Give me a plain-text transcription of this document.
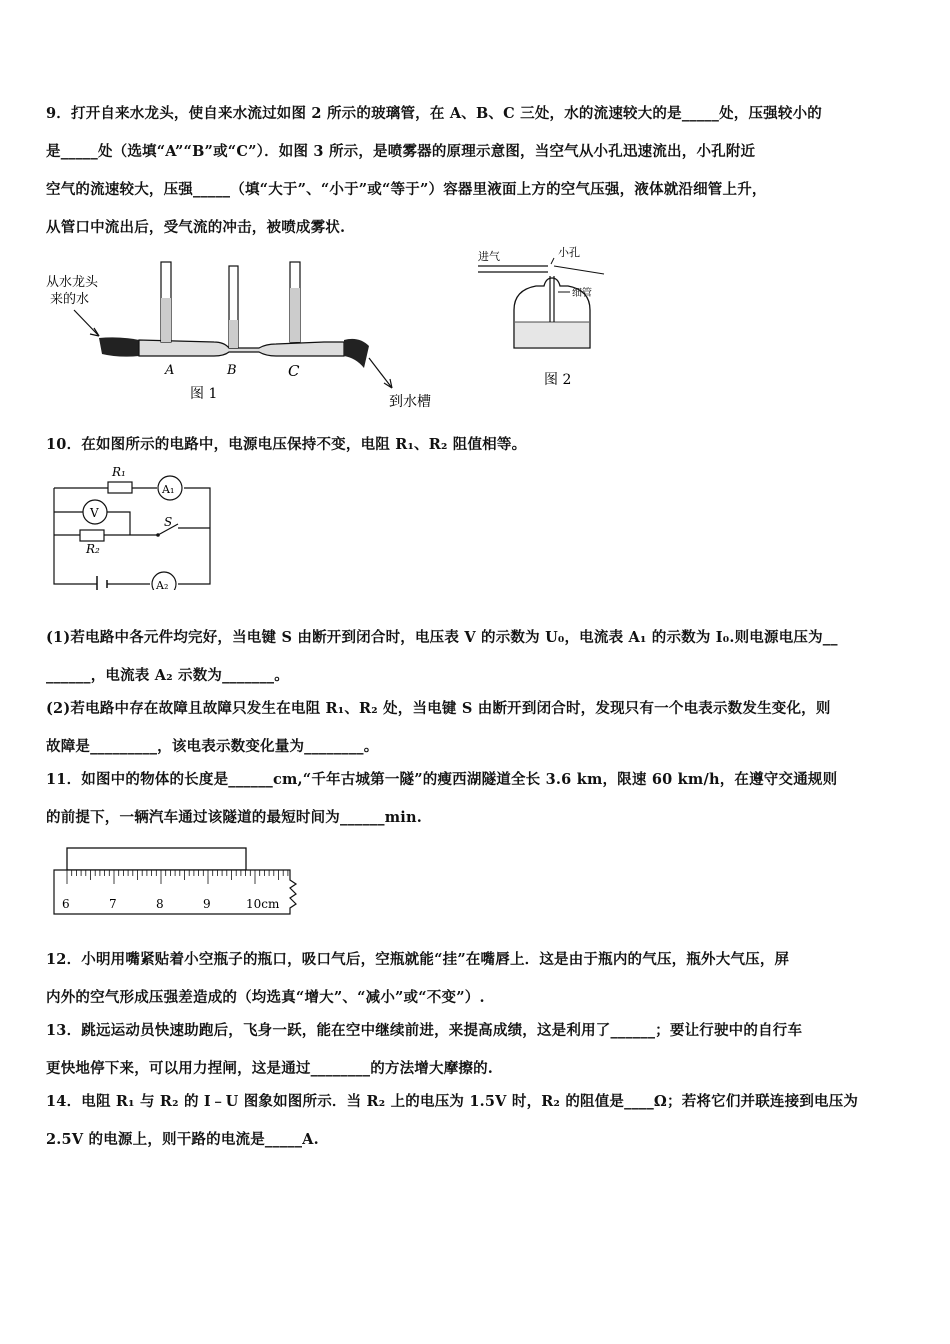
9．打开自来水龙头，使自来水流过如图 2 所示的玻璃管，在 A、B、C 三处，水的流速较大的是_____处，压强较小的
是_____处（选填“A”“B”或“C”）．如图 3 所示，是喷雾器的原理示意图，当空气从小孔迅速流出，小孔附近
空气的流速较大，压强_____（填“大于”、“小于”或“等于”）容器里液面上方的空气压强，液体就沿细管上升，
从管口中流出后，受气流的冲击，被喷成雾状.
从水龙头
来的水
A	B	C
图 1	到水槽
进气	小孔
细管
图 2
10．在如图所示的电路中，电源电压保持不变，电阻 R₁、R₂ 阻值相等。
R₁
A₁
V
R₂
S
A₂
(1)若电路中各元件均完好，当电键 S 由断开到闭合时，电压表 V 的示数为 U₀，电流表 A₁ 的示数为 I₀.则电源电压为__
______，电流表 A₂ 示数为_______。
(2)若电路中存在故障且故障只发生在电阻 R₁、R₂ 处，当电键 S 由断开到闭合时，发现只有一个电表示数发生变化，则
故障是_________，该电表示数变化量为________。
11．如图中的物体的长度是______cm,“千年古城第一隧”的瘦西湖隧道全长 3.6 km，限速 60 km/h，在遵守交通规则
的前提下，一辆汽车通过该隧道的最短时间为______min.
6	7	8	9	10cm
12．小明用嘴紧贴着小空瓶子的瓶口，吸口气后，空瓶就能“挂”在嘴唇上．这是由于瓶内的气压，瓶外大气压，屏
内外的空气形成压强差造成的（均选真“增大”、“减小”或“不变”）.
13．跳远运动员快速助跑后，飞身一跃，能在空中继续前进，来提高成绩，这是利用了______；要让行驶中的自行车
更快地停下来，可以用力捏闸，这是通过________的方法增大摩擦的.
14．电阻 R₁ 与 R₂ 的 I﹣U 图象如图所示．当 R₂ 上的电压为 1.5V 时，R₂ 的阻值是____Ω；若将它们并联连接到电压为
2.5V 的电源上，则干路的电流是_____A.
